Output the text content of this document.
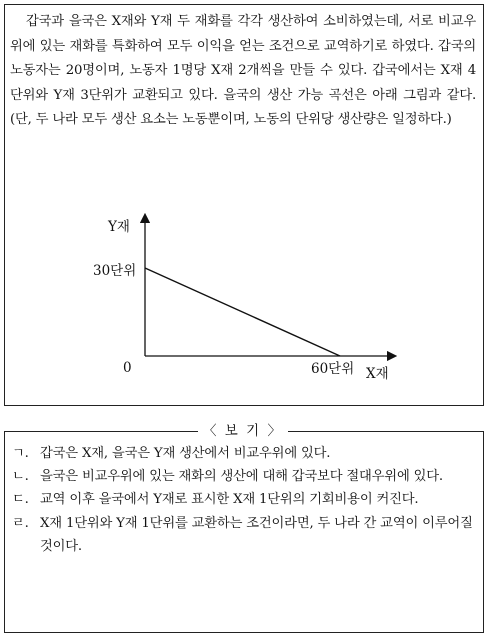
갑국과 을국은 X재와 Y재 두 재화를 각각 생산하여 소비하였는데, 서로 비교우위에 있는 재화를 특화하여 모두 이익을 얻는 조건으로 교역하기로 하였다. 갑국의 노동자는 20명이며, 노동자 1명당 X재 2개씩을 만들 수 있다. 갑국에서는 X재 4단위와 Y재 3단위가 교환되고 있다. 을국의 생산 가능 곡선은 아래 그림과 같다. (단, 두 나라 모두 생산 요소는 노동뿐이며, 노동의 단위당 생산량은 일정하다.)

Y재
X재
0
30단위
60단위
〈 보 기 〉
ㄱ. 갑국은 X재, 을국은 Y재 생산에서 비교우위에 있다.
ㄴ. 을국은 비교우위에 있는 재화의 생산에 대해 갑국보다 절대우위에 있다.
ㄷ. 교역 이후 을국에서 Y재로 표시한 X재 1단위의 기회비용이 커진다.
ㄹ. X재 1단위와 Y재 1단위를 교환하는 조건이라면, 두 나라 간 교역이 이루어질 것이다.
